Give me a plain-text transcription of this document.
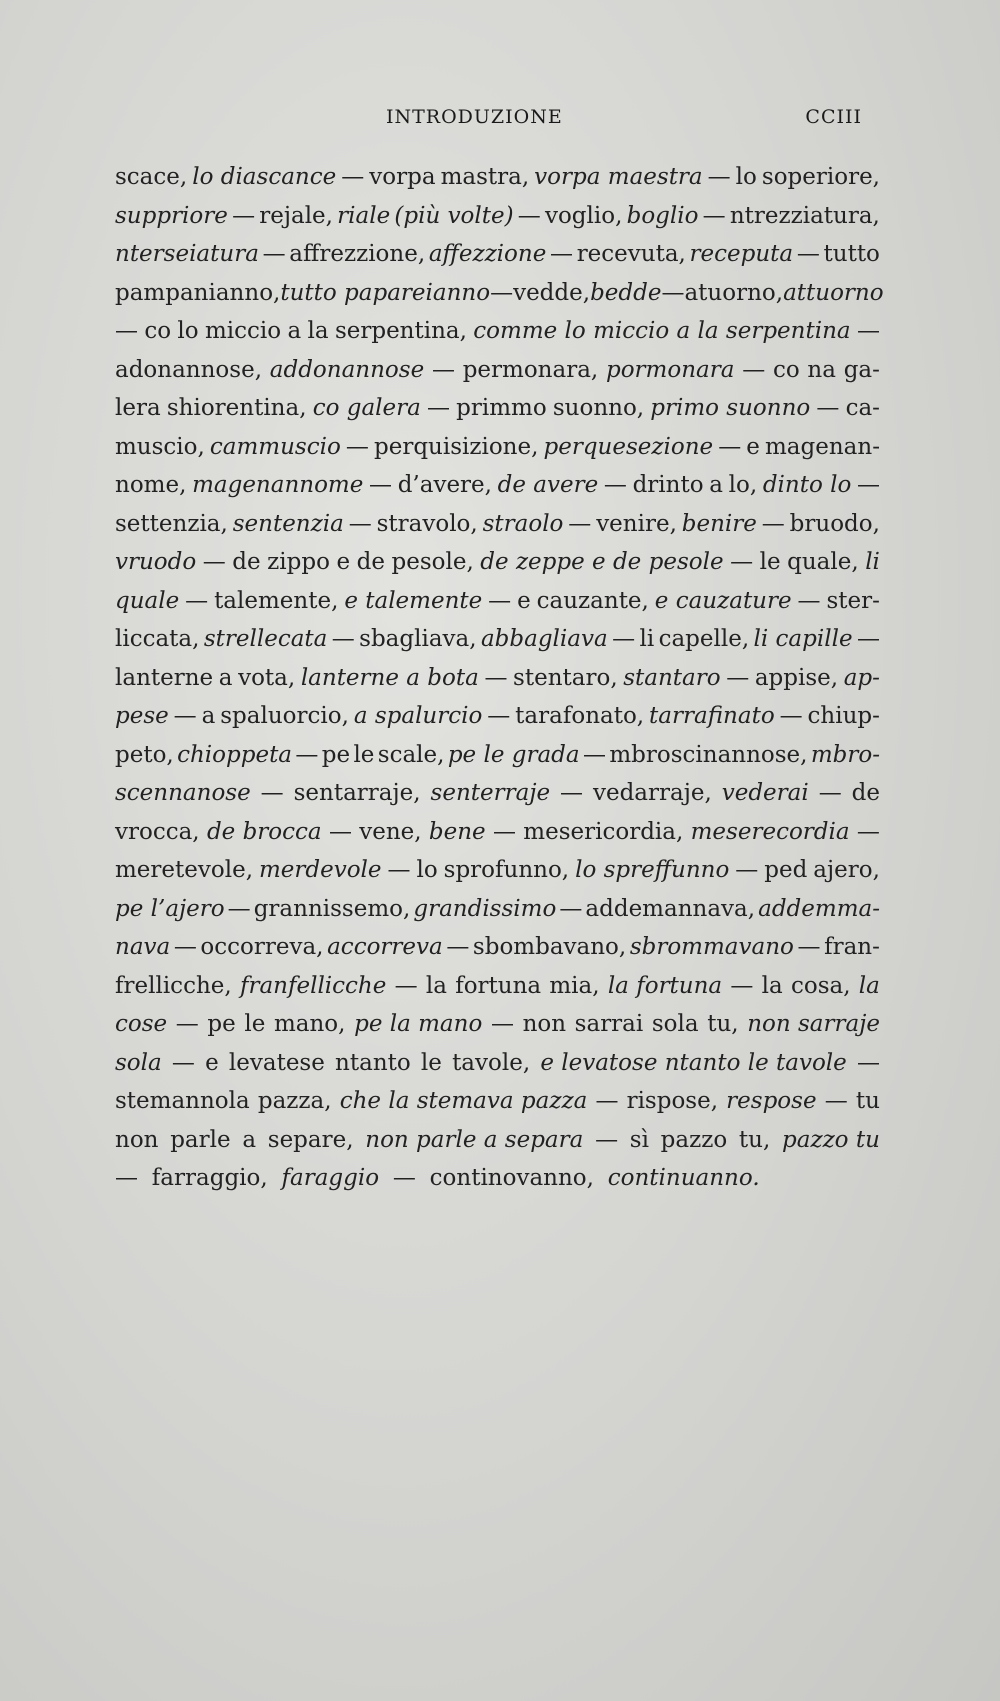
INTRODUZIONE	CCIII
scace, lo diascance — vorpa mastra, vorpa maestra — lo soperiore,
suppriore — rejale, riale (più volte) — voglio, boglio — ntrezziatura,
nterseiatura — affrezzione, affezzione — recevuta, receputa — tutto
pampanianno, tutto papareianno — vedde, bedde — atuorno, attuorno
— co lo miccio a la serpentina, comme lo miccio a la serpentina —
adonannose, addonannose — permonara, pormonara — co na ga-
lera shiorentina, co galera — primmo suonno, primo suonno — ca-
muscio, cammuscio — perquisizione, perquesezione — e magenan-
nome, magenannome — d’avere, de avere — drinto a lo, dinto lo —
settenzia, sentenzia — stravolo, straolo — venire, benire — bruodo,
vruodo — de zippo e de pesole, de zeppe e de pesole — le quale, li
quale — talemente, e talemente — e cauzante, e cauzature — ster-
liccata, strellecata — sbagliava, abbagliava — li capelle, li capille —
lanterne a vota, lanterne a bota — stentaro, stantaro — appise, ap-
pese — a spaluorcio, a spalurcio — tarafonato, tarrafinato — chiup-
peto, chioppeta — pe le scale, pe le grada — mbroscinannose, mbro-
scennanose — sentarraje, senterraje — vedarraje, vederai — de
vrocca, de brocca — vene, bene — mesericordia, meserecordia —
meretevole, merdevole — lo sprofunno, lo spreffunno — ped ajero,
pe l’ajero — grannissemo, grandissimo — addemannava, addemma-
nava — occorreva, accorreva — sbombavano, sbrommavano — fran-
frellicche, franfellicche — la fortuna mia, la fortuna — la cosa, la
cose — pe le mano, pe la mano — non sarrai sola tu, non sarraje
sola — e levatese ntanto le tavole, e levatose ntanto le tavole —
stemannola pazza, che la stemava pazza — rispose, respose — tu
non parle a separe, non parle a separa — sì pazzo tu, pazzo tu
— farraggio, faraggio — continovanno, continuanno.
